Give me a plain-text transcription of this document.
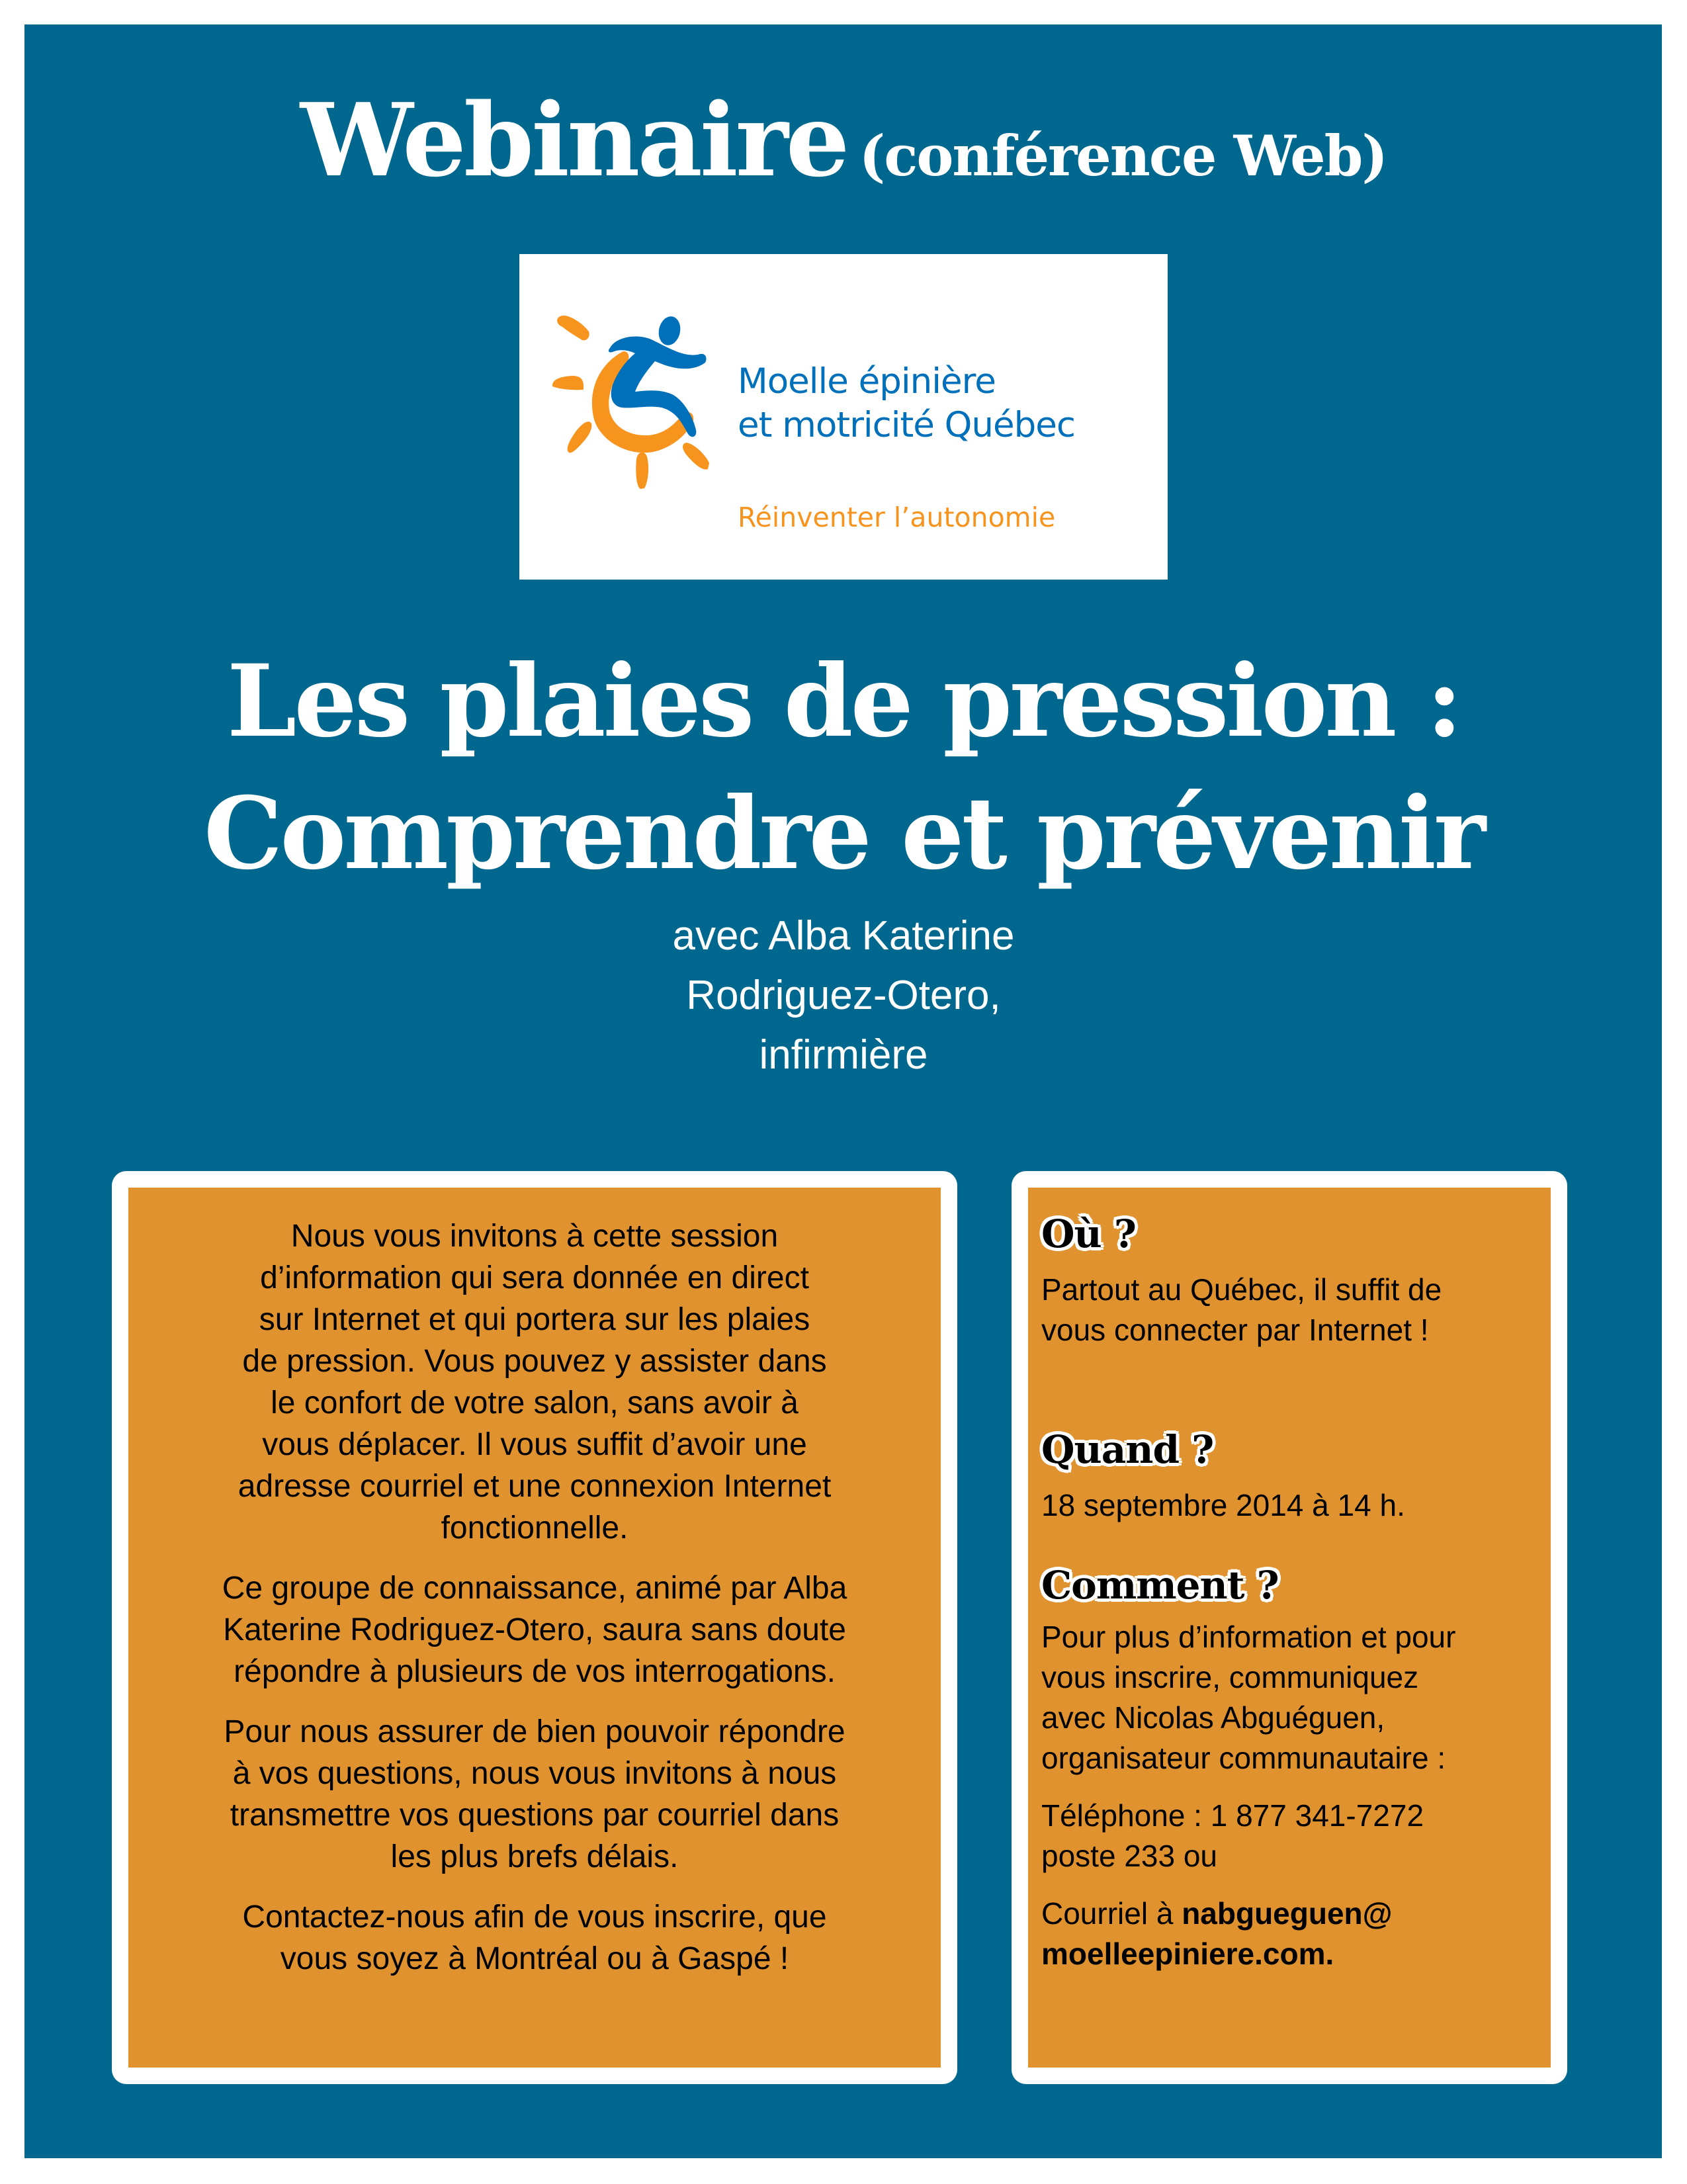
Webinaire (conférence Web)
Moelle épinière
et motricité Québec
Réinventer l’autonomie
Les plaies de pression :
Comprendre et prévenir
avec Alba Katerine
Rodriguez-Otero,
infirmière

Nous vous invitons à cette session
d’information qui sera donnée en direct
sur Internet et qui portera sur les plaies
de pression. Vous pouvez y assister dans
le confort de votre salon, sans avoir à
vous déplacer. Il vous suffit d’avoir une
adresse courriel et une connexion Internet
fonctionnelle.

Ce groupe de connaissance, animé par Alba
Katerine Rodriguez-Otero, saura sans doute
répondre à plusieurs de vos interrogations.

Pour nous assurer de bien pouvoir répondre
à vos questions, nous vous invitons à nous
transmettre vos questions par courriel dans
les plus brefs délais.

Contactez-nous afin de vous inscrire, que
vous soyez à Montréal ou à Gaspé !

Où ?

Partout au Québec, il suffit de
vous connecter par Internet !

Quand ?

18 septembre 2014 à 14 h.

Comment ?

Pour plus d’information et pour
vous inscrire, communiquez
avec Nicolas Abguéguen,
organisateur communautaire :

Téléphone : 1 877 341-7272
poste 233 ou

Courriel à nabgueguen@
moelleepiniere.com.
